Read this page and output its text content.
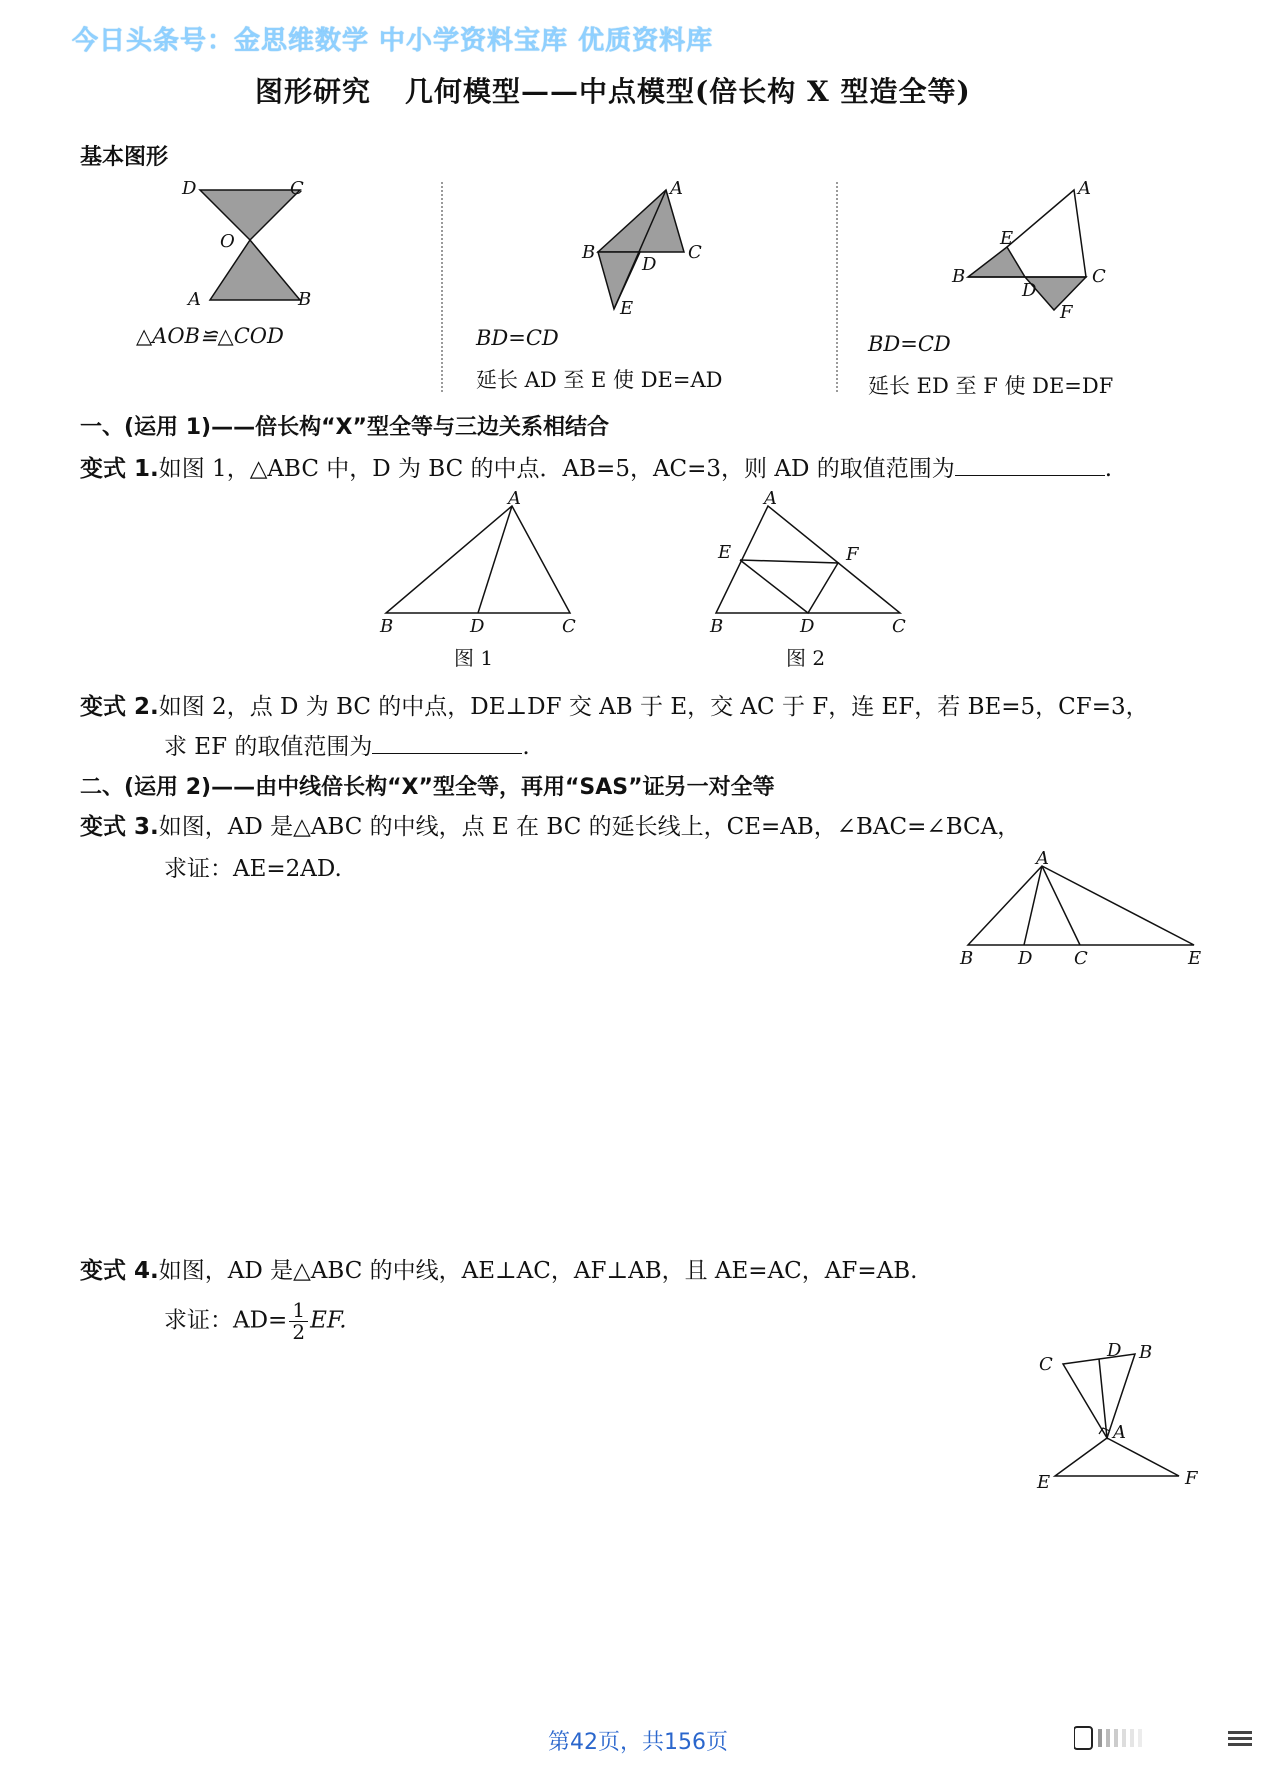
今日头条号：金思维数学 中小学资料宝库 优质资料库
图形研究 几何模型——中点模型(倍长构 X 型造全等)
基本图形
D	C
O
A	B
△AOB≌△COD
A
B	C
D
E
BD=CD
延长 AD 至 E 使 DE=AD
A
E
B
D
C
F
BD=CD
延长 ED 至 F 使 DE=DF
一、(运用 1)——倍长构“X”型全等与三边关系相结合
变式 1.如图 1，△ABC 中，D 为 BC 的中点．AB=5，AC=3，则 AD 的取值范围为	.
A
B	D	C
图 1
A
E	F
B	D	C
图 2
变式 2.如图 2，点 D 为 BC 的中点，DE⊥DF 交 AB 于 E，交 AC 于 F，连 EF，若 BE=5，CF=3，
求 EF 的取值范围为	.
二、(运用 2)——由中线倍长构“X”型全等，再用“SAS”证另一对全等
变式 3.如图，AD 是△ABC 的中线，点 E 在 BC 的延长线上，CE=AB，∠BAC=∠BCA，
求证：AE=2AD.	A
B D C	E
变式 4.如图，AD 是△ABC 的中线，AE⊥AC，AF⊥AB，且 AE=AC，AF=AB.
求证：$AD= \frac{1}{2}$ EF.
D B
C
A
E	F
第42页，共156页
